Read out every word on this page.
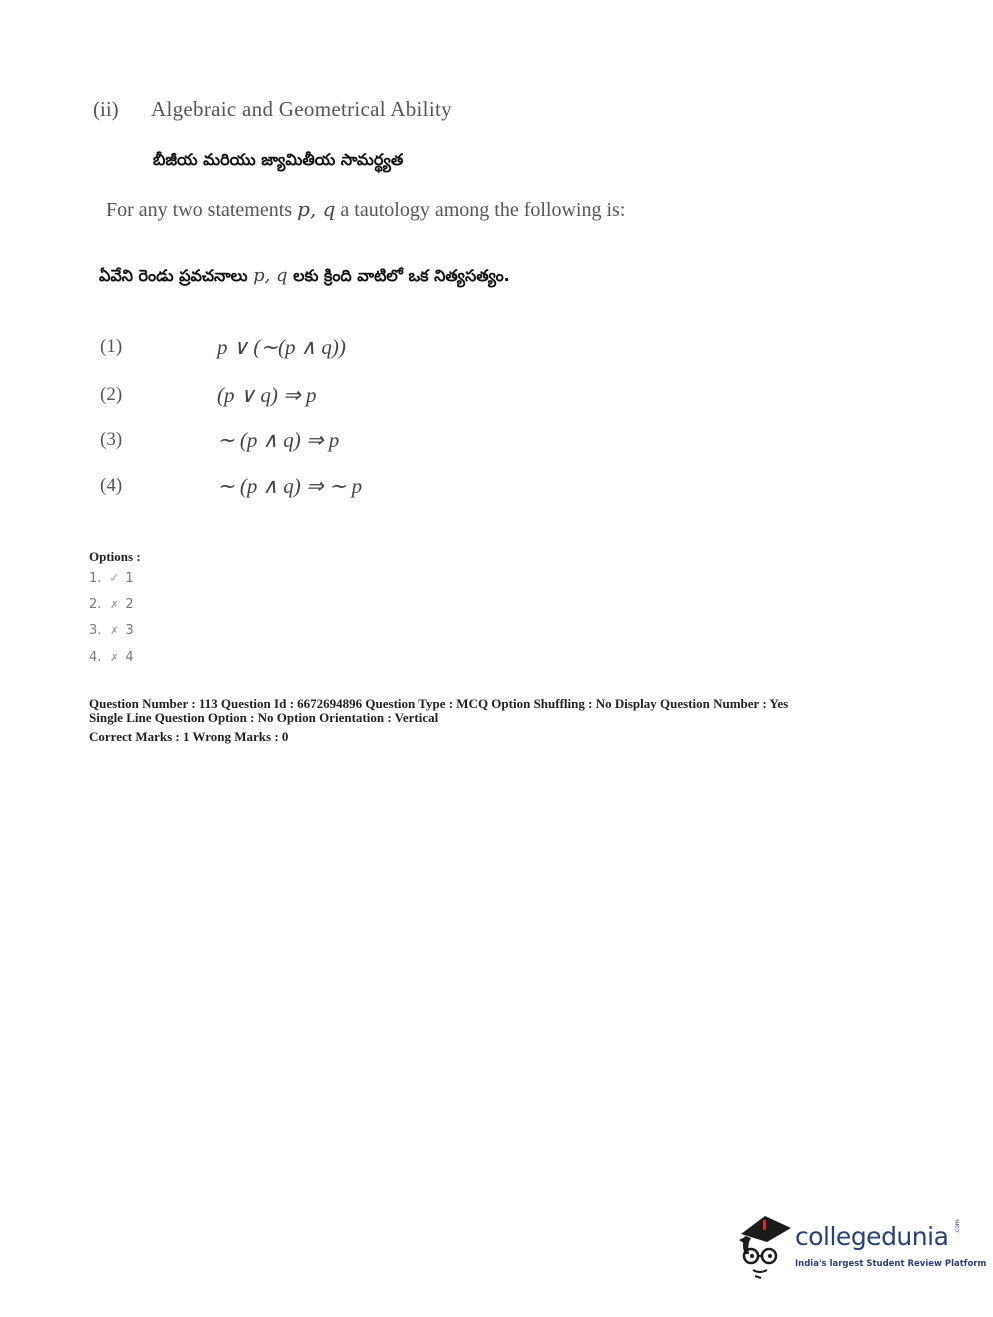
(ii) Algebraic and Geometrical Ability
బీజీయ మరియు జ్యామితీయ సామర్థ్యత
For any two statements p, q a tautology among the following is:
ఏవేని రెండు ప్రవచనాలు p, q లకు క్రింది వాటిలో ఒక నిత్యసత్యం.
(1)	p ∨ (∼(p ∧ q))
(2)	(p ∨ q) ⇒ p
(3)	∼ (p ∧ q) ⇒ p
(4)	∼ (p ∧ q) ⇒ ∼ p
Options :
1. ✓ 1
2. ✗ 2
3. ✗ 3
4. ✗ 4
Question Number : 113 Question Id : 6672694896 Question Type : MCQ Option Shuffling : No Display Question Number : Yes
Single Line Question Option : No Option Orientation : Vertical
Correct Marks : 1 Wrong Marks : 0
collegedunia .com
India's largest Student Review Platform
